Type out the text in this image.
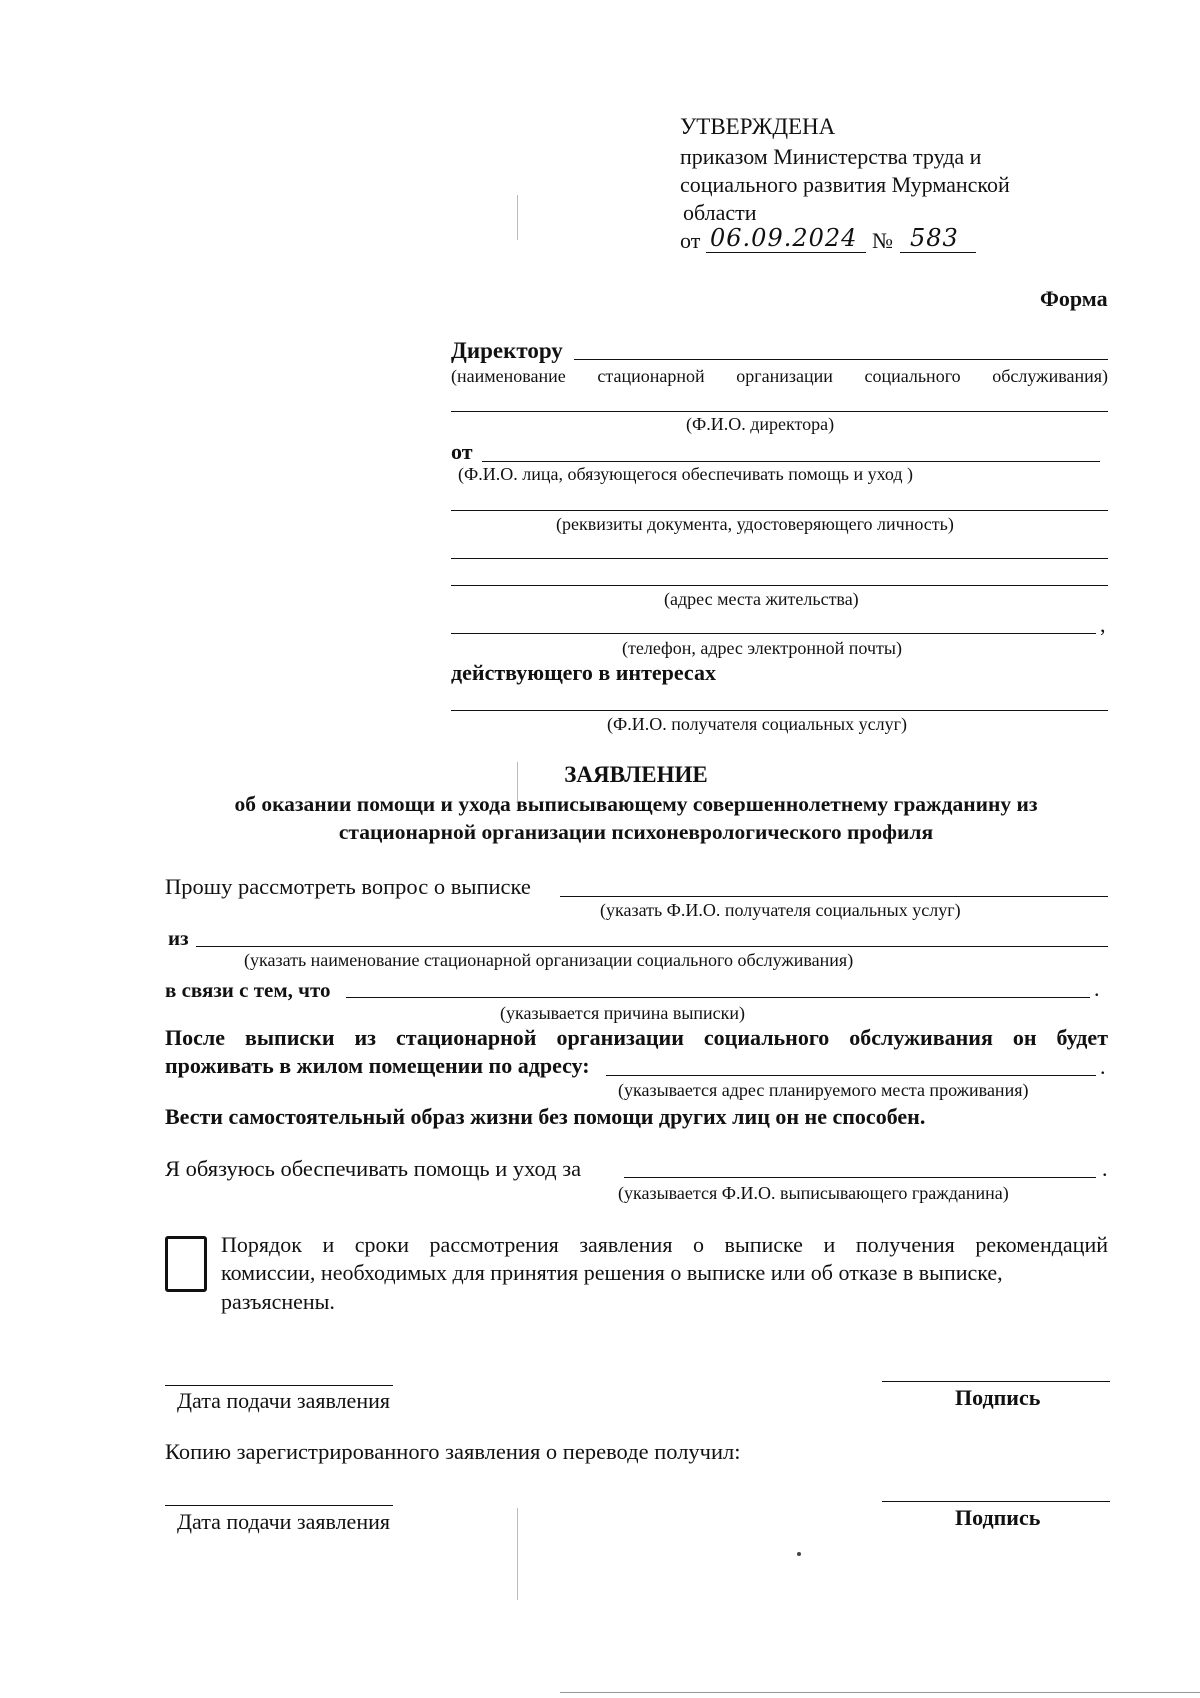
УТВЕРЖДЕНА
приказом Министерства труда и
социального развития Мурманской
области
от 06.09.2024 № 583
Форма
Директору
(наименование стационарной организации социального обслуживания)
(Ф.И.О. директора)
от
(Ф.И.О. лица, обязующегося обеспечивать помощь и уход )
(реквизиты документа, удостоверяющего личность)
(адрес места жительства)
,
(телефон, адрес электронной почты)
действующего в интересах
(Ф.И.О. получателя социальных услуг)
ЗАЯВЛЕНИЕ
об оказании помощи и ухода выписывающему совершеннолетнему гражданину из
стационарной организации психоневрологического профиля
Прошу рассмотреть вопрос о выписке
(указать Ф.И.О. получателя социальных услуг)
из
(указать наименование стационарной организации социального обслуживания)
в связи с тем, что	.
(указывается причина выписки)
После выписки из стационарной организации социального обслуживания он будет
проживать в жилом помещении по адресу:	.
(указывается адрес планируемого места проживания)
Вести самостоятельный образ жизни без помощи других лиц он не способен.
Я обязуюсь обеспечивать помощь и уход за	.
(указывается Ф.И.О. выписывающего гражданина)
Порядок и сроки рассмотрения заявления о выписке и получения рекомендаций
комиссии, необходимых для принятия решения о выписке или об отказе в выписке,
разъяснены.
Дата подачи заявления	Подпись
Копию зарегистрированного заявления о переводе получил:
Дата подачи заявления	Подпись
